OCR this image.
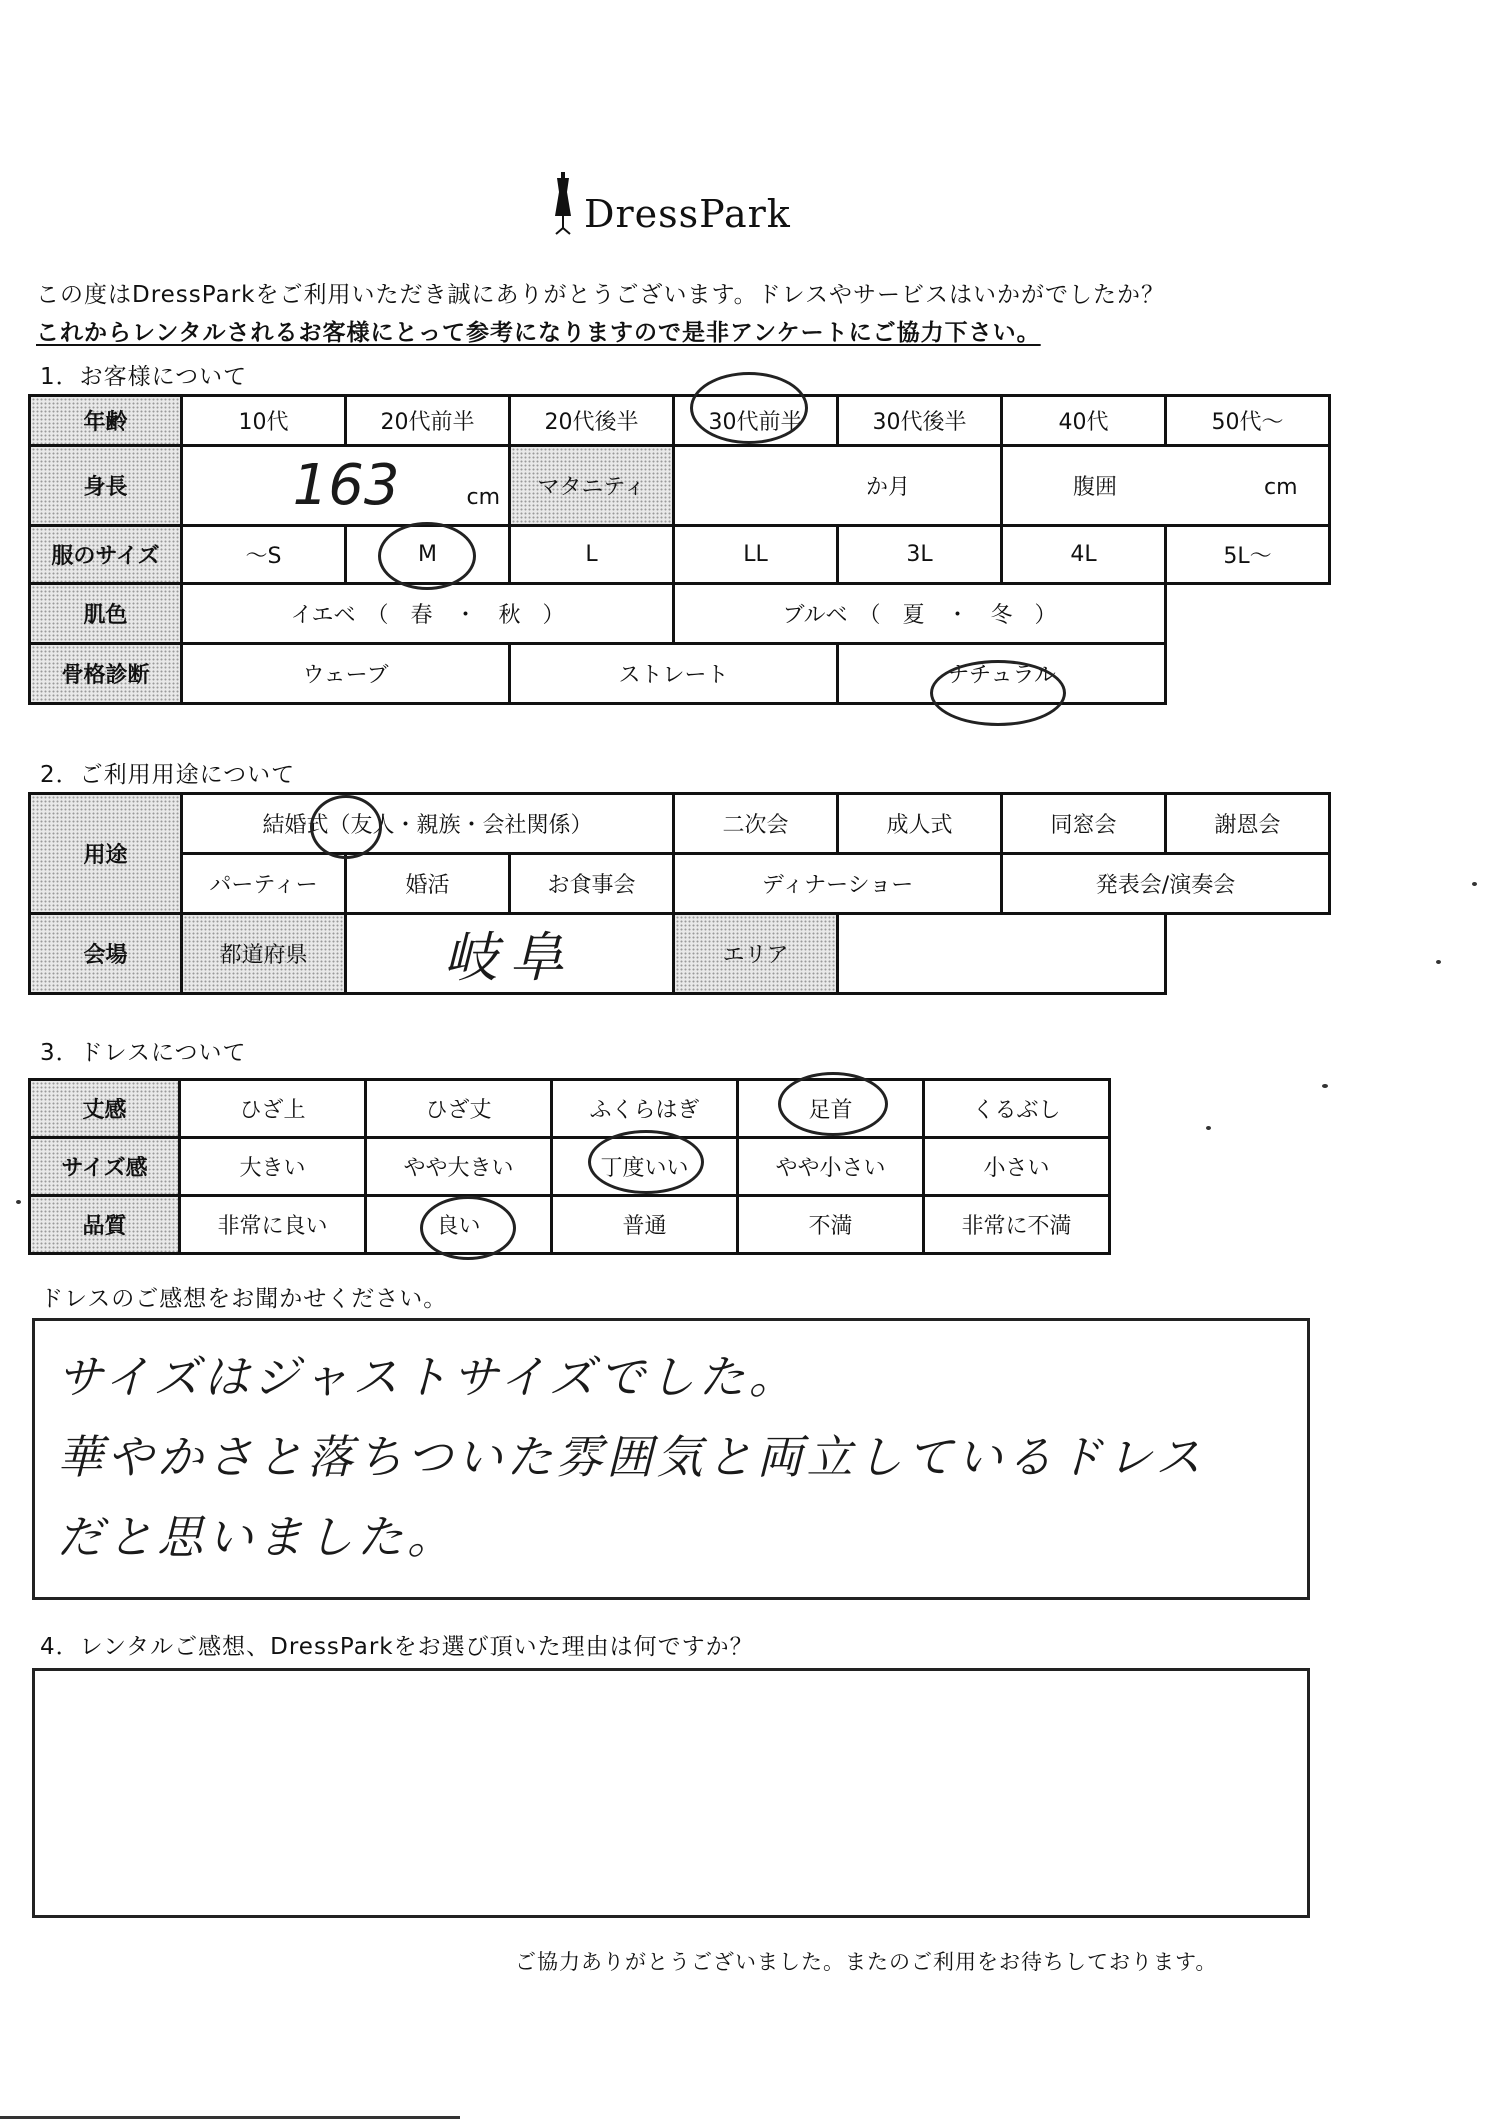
DressPark
この度はDressParkをご利用いただき誠にありがとうございます。ドレスやサービスはいかがでしたか？
これからレンタルされるお客様にとって参考になりますので是非アンケートにご協力下さい。
1．お客様について
年齢	10代	20代前半	20代後半	30代前半	30代後半	40代	50代～
身長	163 cm		マタニティ	か月		腹囲 cm	
服のサイズ	～S	M	L	LL	3L	4L	5L～
肌色	イエベ　（　春　・　秋　）			ブルベ　（　夏　・　冬　）			
骨格診断	ウェーブ		ストレート		ナチュラル		
2．ご利用用途について
用途	結婚式（友人・親族・会社関係）			二次会	成人式	同窓会	謝恩会
	パーティー	婚活	お食事会	ディナーショー		発表会/演奏会	
会場	都道府県	岐阜		エリア			
3．ドレスについて
丈感	ひざ上	ひざ丈	ふくらはぎ	足首	くるぶし
サイズ感	大きい	やや大きい	丁度いい	やや小さい	小さい
品質	非常に良い	良い	普通	不満	非常に不満
ドレスのご感想をお聞かせください。
サイズはジャストサイズでした。
華やかさと落ちついた雰囲気と両立しているドレス
だと思いました。
4．レンタルご感想、DressParkをお選び頂いた理由は何ですか？
ご協力ありがとうございました。またのご利用をお待ちしております。
